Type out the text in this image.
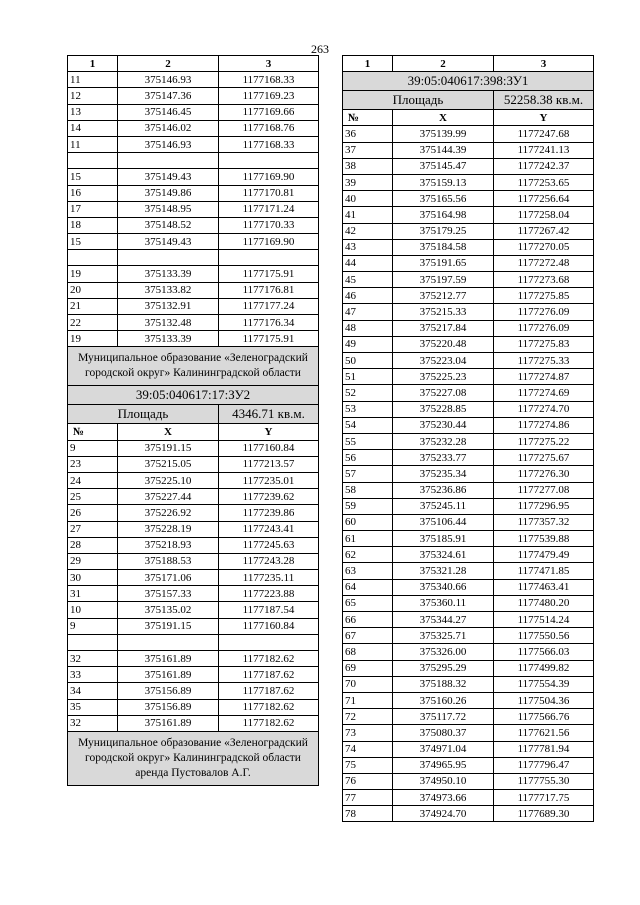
263
1	2	3
11	375146.93	1177168.33
12	375147.36	1177169.23
13	375146.45	1177169.66
14	375146.02	1177168.76
11	375146.93	1177168.33

15	375149.43	1177169.90
16	375149.86	1177170.81
17	375148.95	1177171.24
18	375148.52	1177170.33
15	375149.43	1177169.90

19	375133.39	1177175.91
20	375133.82	1177176.81
21	375132.91	1177177.24
22	375132.48	1177176.34
19	375133.39	1177175.91
Муниципальное образование «Зеленоградский городской округ» Калининградской области		
39:05:040617:17:ЗУ2		
Площадь		4346.71 кв.м.
№	X	Y
9	375191.15	1177160.84
23	375215.05	1177213.57
24	375225.10	1177235.01
25	375227.44	1177239.62
26	375226.92	1177239.86
27	375228.19	1177243.41
28	375218.93	1177245.63
29	375188.53	1177243.28
30	375171.06	1177235.11
31	375157.33	1177223.88
10	375135.02	1177187.54
9	375191.15	1177160.84

32	375161.89	1177182.62
33	375161.89	1177187.62
34	375156.89	1177187.62
35	375156.89	1177182.62
32	375161.89	1177182.62
Муниципальное образование «Зеленоградский городской округ» Калининградской области аренда Пустовалов А.Г.		
1	2	3
39:05:040617:398:ЗУ1		
Площадь		52258.38 кв.м.
№	X	Y
36	375139.99	1177247.68
37	375144.39	1177241.13
38	375145.47	1177242.37
39	375159.13	1177253.65
40	375165.56	1177256.64
41	375164.98	1177258.04
42	375179.25	1177267.42
43	375184.58	1177270.05
44	375191.65	1177272.48
45	375197.59	1177273.68
46	375212.77	1177275.85
47	375215.33	1177276.09
48	375217.84	1177276.09
49	375220.48	1177275.83
50	375223.04	1177275.33
51	375225.23	1177274.87
52	375227.08	1177274.69
53	375228.85	1177274.70
54	375230.44	1177274.86
55	375232.28	1177275.22
56	375233.77	1177275.67
57	375235.34	1177276.30
58	375236.86	1177277.08
59	375245.11	1177296.95
60	375106.44	1177357.32
61	375185.91	1177539.88
62	375324.61	1177479.49
63	375321.28	1177471.85
64	375340.66	1177463.41
65	375360.11	1177480.20
66	375344.27	1177514.24
67	375325.71	1177550.56
68	375326.00	1177566.03
69	375295.29	1177499.82
70	375188.32	1177554.39
71	375160.26	1177504.36
72	375117.72	1177566.76
73	375080.37	1177621.56
74	374971.04	1177781.94
75	374965.95	1177796.47
76	374950.10	1177755.30
77	374973.66	1177717.75
78	374924.70	1177689.30
